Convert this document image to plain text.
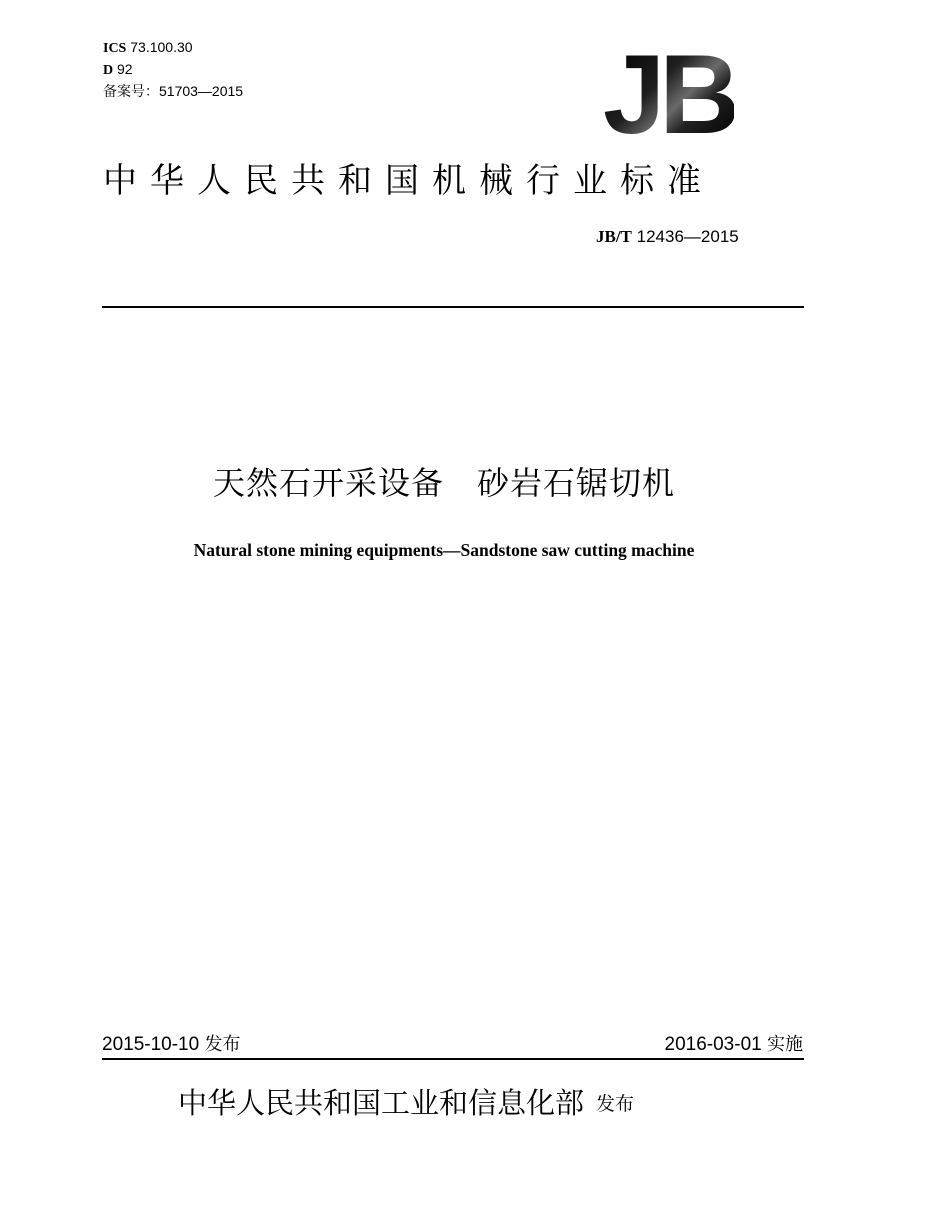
ICS 73.100.30
D 92
备案号：51703—2015	JB
中华人民共和国机械行业标准
JB/T 12436—2015
天然石开采设备　砂岩石锯切机
Natural stone mining equipments—Sandstone saw cutting machine
2015-10-10 发布	2016-03-01 实施
中华人民共和国工业和信息化部 发布
